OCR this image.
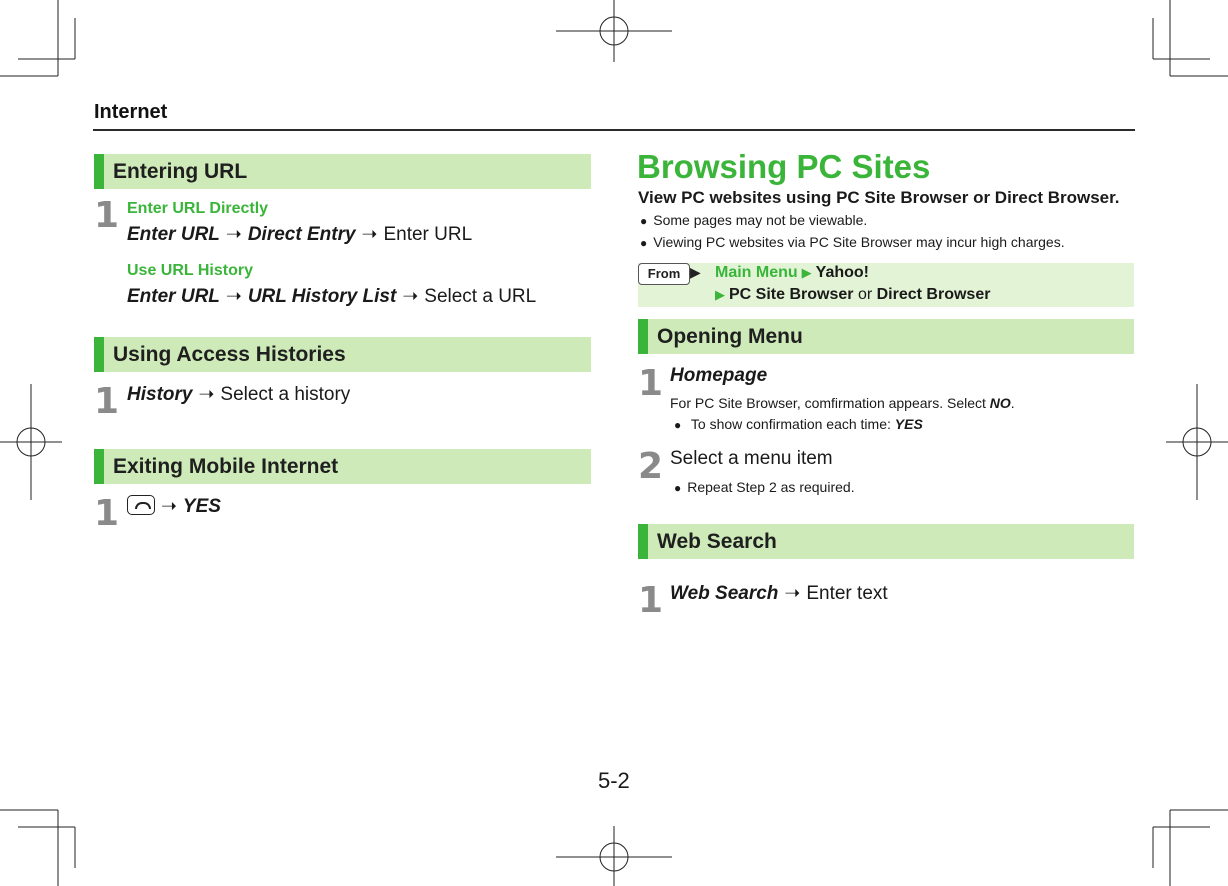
Internet
Entering URL
1 Enter URL Directly
Enter URL ➝ Direct Entry ➝ Enter URL
Use URL History
Enter URL ➝ URL History List ➝ Select a URL
Using Access Histories
1 History ➝ Select a history
Exiting Mobile Internet
1	➝ YES
Browsing PC Sites
View PC websites using PC Site Browser or Direct Browser.
● Some pages may not be viewable.
● Viewing PC websites via PC Site Browser may incur high charges.
From ▶ Main Menu ▶ Yahoo!
▶ PC Site Browser or Direct Browser
Opening Menu
1 Homepage
For PC Site Browser, comfirmation appears. Select NO.
● To show confirmation each time: YES
2 Select a menu item
● Repeat Step 2 as required.
Web Search
1 Web Search ➝ Enter text
5-2
